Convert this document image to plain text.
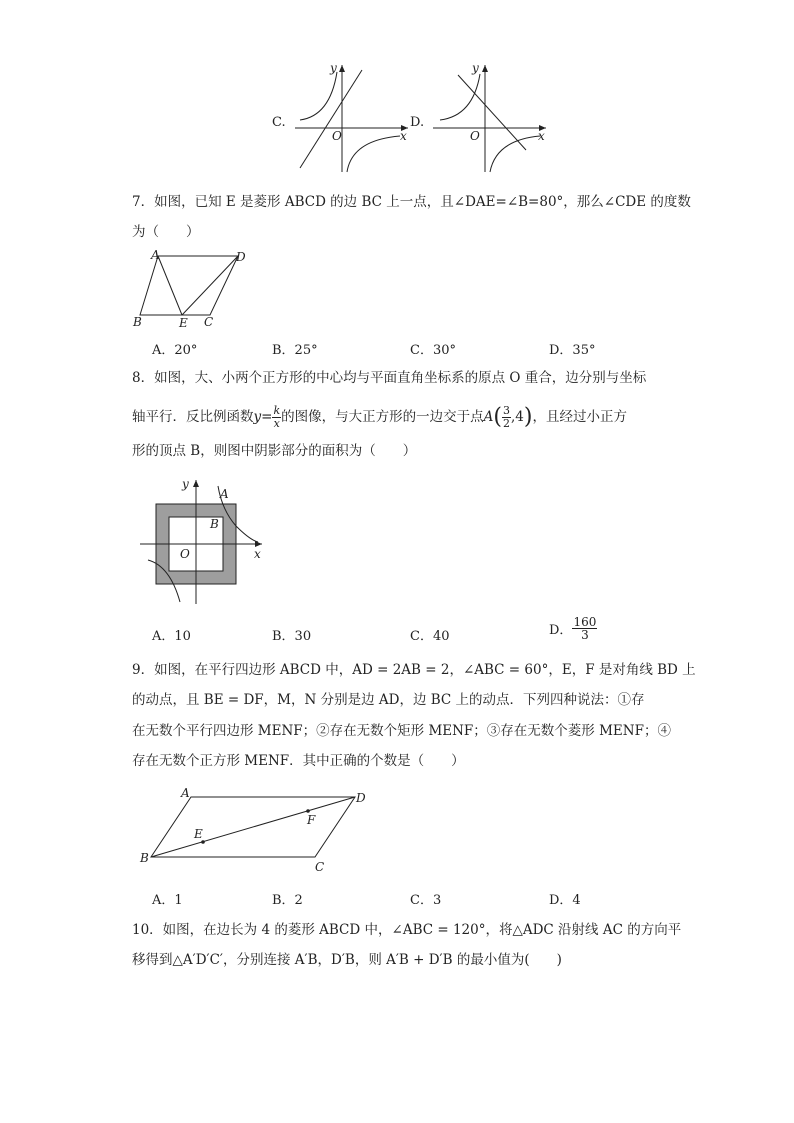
C.
y
x
O
D.
y
x
O
7．如图，已知 E 是菱形 ABCD 的边 BC 上一点，且∠DAE=∠B=80°，那么∠CDE 的度数
为（　　）
A	D
B	E C
A．20°	B．25°	C．30°	D．35°
8．如图，大、小两个正方形的中心均与平面直角坐标系的原点 O 重合，边分别与坐标
轴平行．反比例函数$y= \frac{k}{x}$ 的图像，与大正方形的一边交于点$A( \frac{3}{2} ,4)$，且经过小正方
形的顶点 B，则图中阴影部分的面积为（　　）
y
x
O
A
B
A．10	B．30	C．40	D． $\frac{160}{3}$
9．如图，在平行四边形 ABCD 中，AD = 2AB = 2，∠ABC = 60°，E，F 是对角线 BD 上
的动点，且 BE = DF，M，N 分别是边 AD，边 BC 上的动点．下列四种说法：①存
在无数个平行四边形 MENF；②存在无数个矩形 MENF；③存在无数个菱形 MENF；④
存在无数个正方形 MENF．其中正确的个数是（　　）
A	D
B
C
E
F
A．1	B．2	C．3	D．4
10．如图，在边长为 4 的菱形 ABCD 中，∠ABC = 120°，将△ADC 沿射线 AC 的方向平
移得到△A′D′C′，分别连接 A′B，D′B，则 A′B + D′B 的最小值为(　　)
